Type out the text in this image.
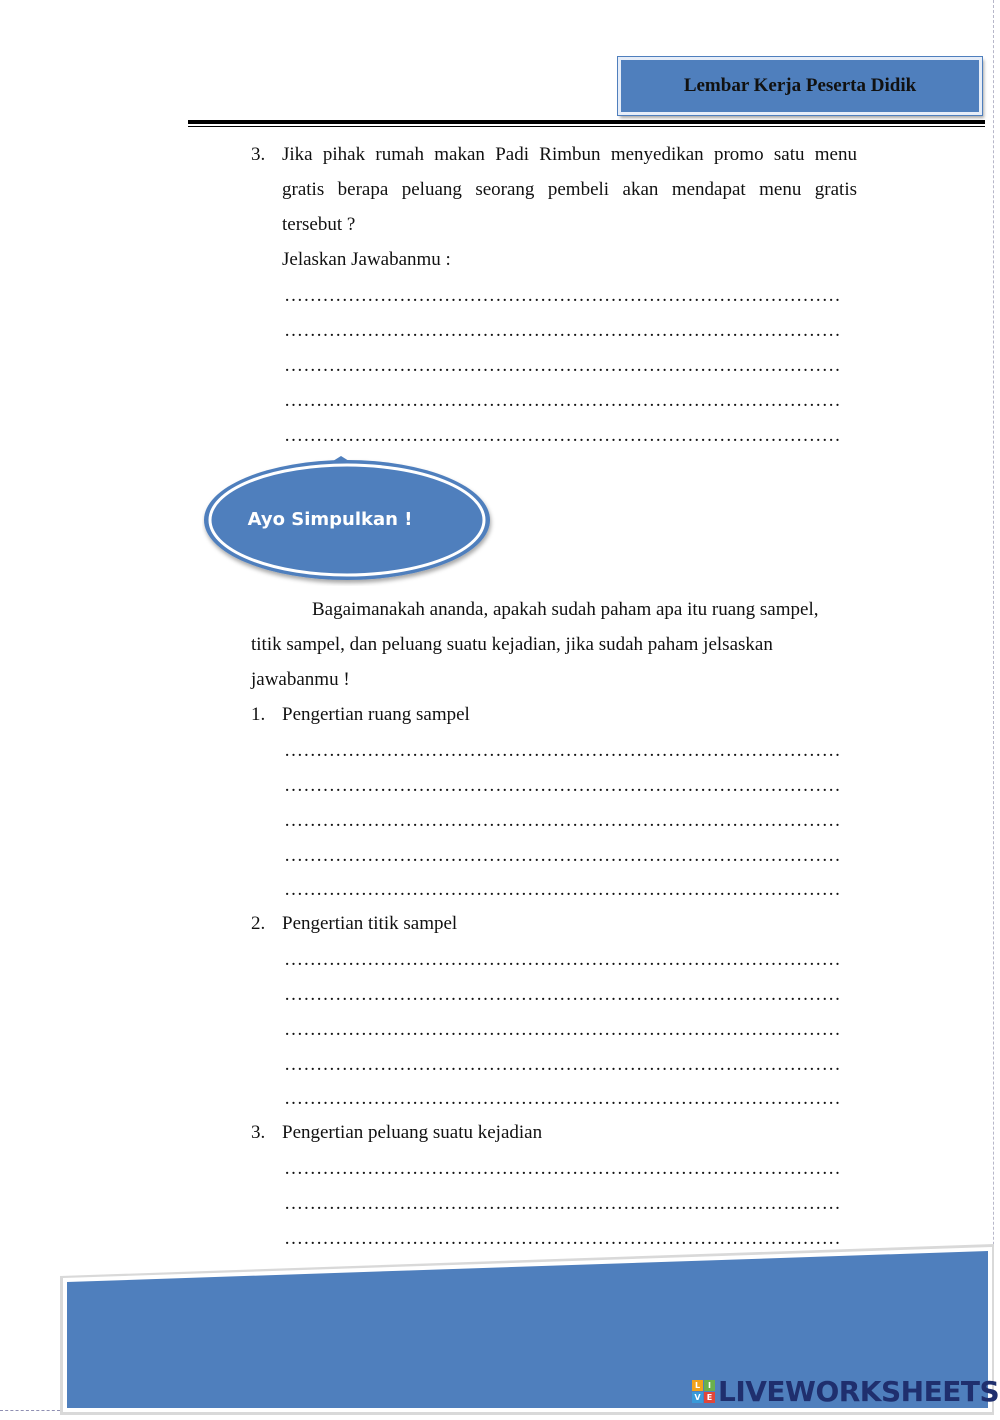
Lembar Kerja Peserta Didik
3. Jika pihak rumah makan Padi Rimbun menyedikan promo satu menu
gratis berapa peluang seorang pembeli akan mendapat menu gratis
tersebut ?
Jelaskan Jawabanmu :
……………………………………………………………………………
……………………………………………………………………………
……………………………………………………………………………
……………………………………………………………………………
……………………………………………………………………………
Ayo Simpulkan !
Bagaimanakah ananda, apakah sudah paham apa itu ruang sampel,
titik sampel, dan peluang suatu kejadian, jika sudah paham jelsaskan
jawabanmu !
1. Pengertian ruang sampel
……………………………………………………………………………
……………………………………………………………………………
……………………………………………………………………………
……………………………………………………………………………
……………………………………………………………………………
2. Pengertian titik sampel
……………………………………………………………………………
……………………………………………………………………………
……………………………………………………………………………
……………………………………………………………………………
……………………………………………………………………………
3. Pengertian peluang suatu kejadian
……………………………………………………………………………
……………………………………………………………………………
……………………………………………………………………………
L I
V E LIVEWORKSHEETS
